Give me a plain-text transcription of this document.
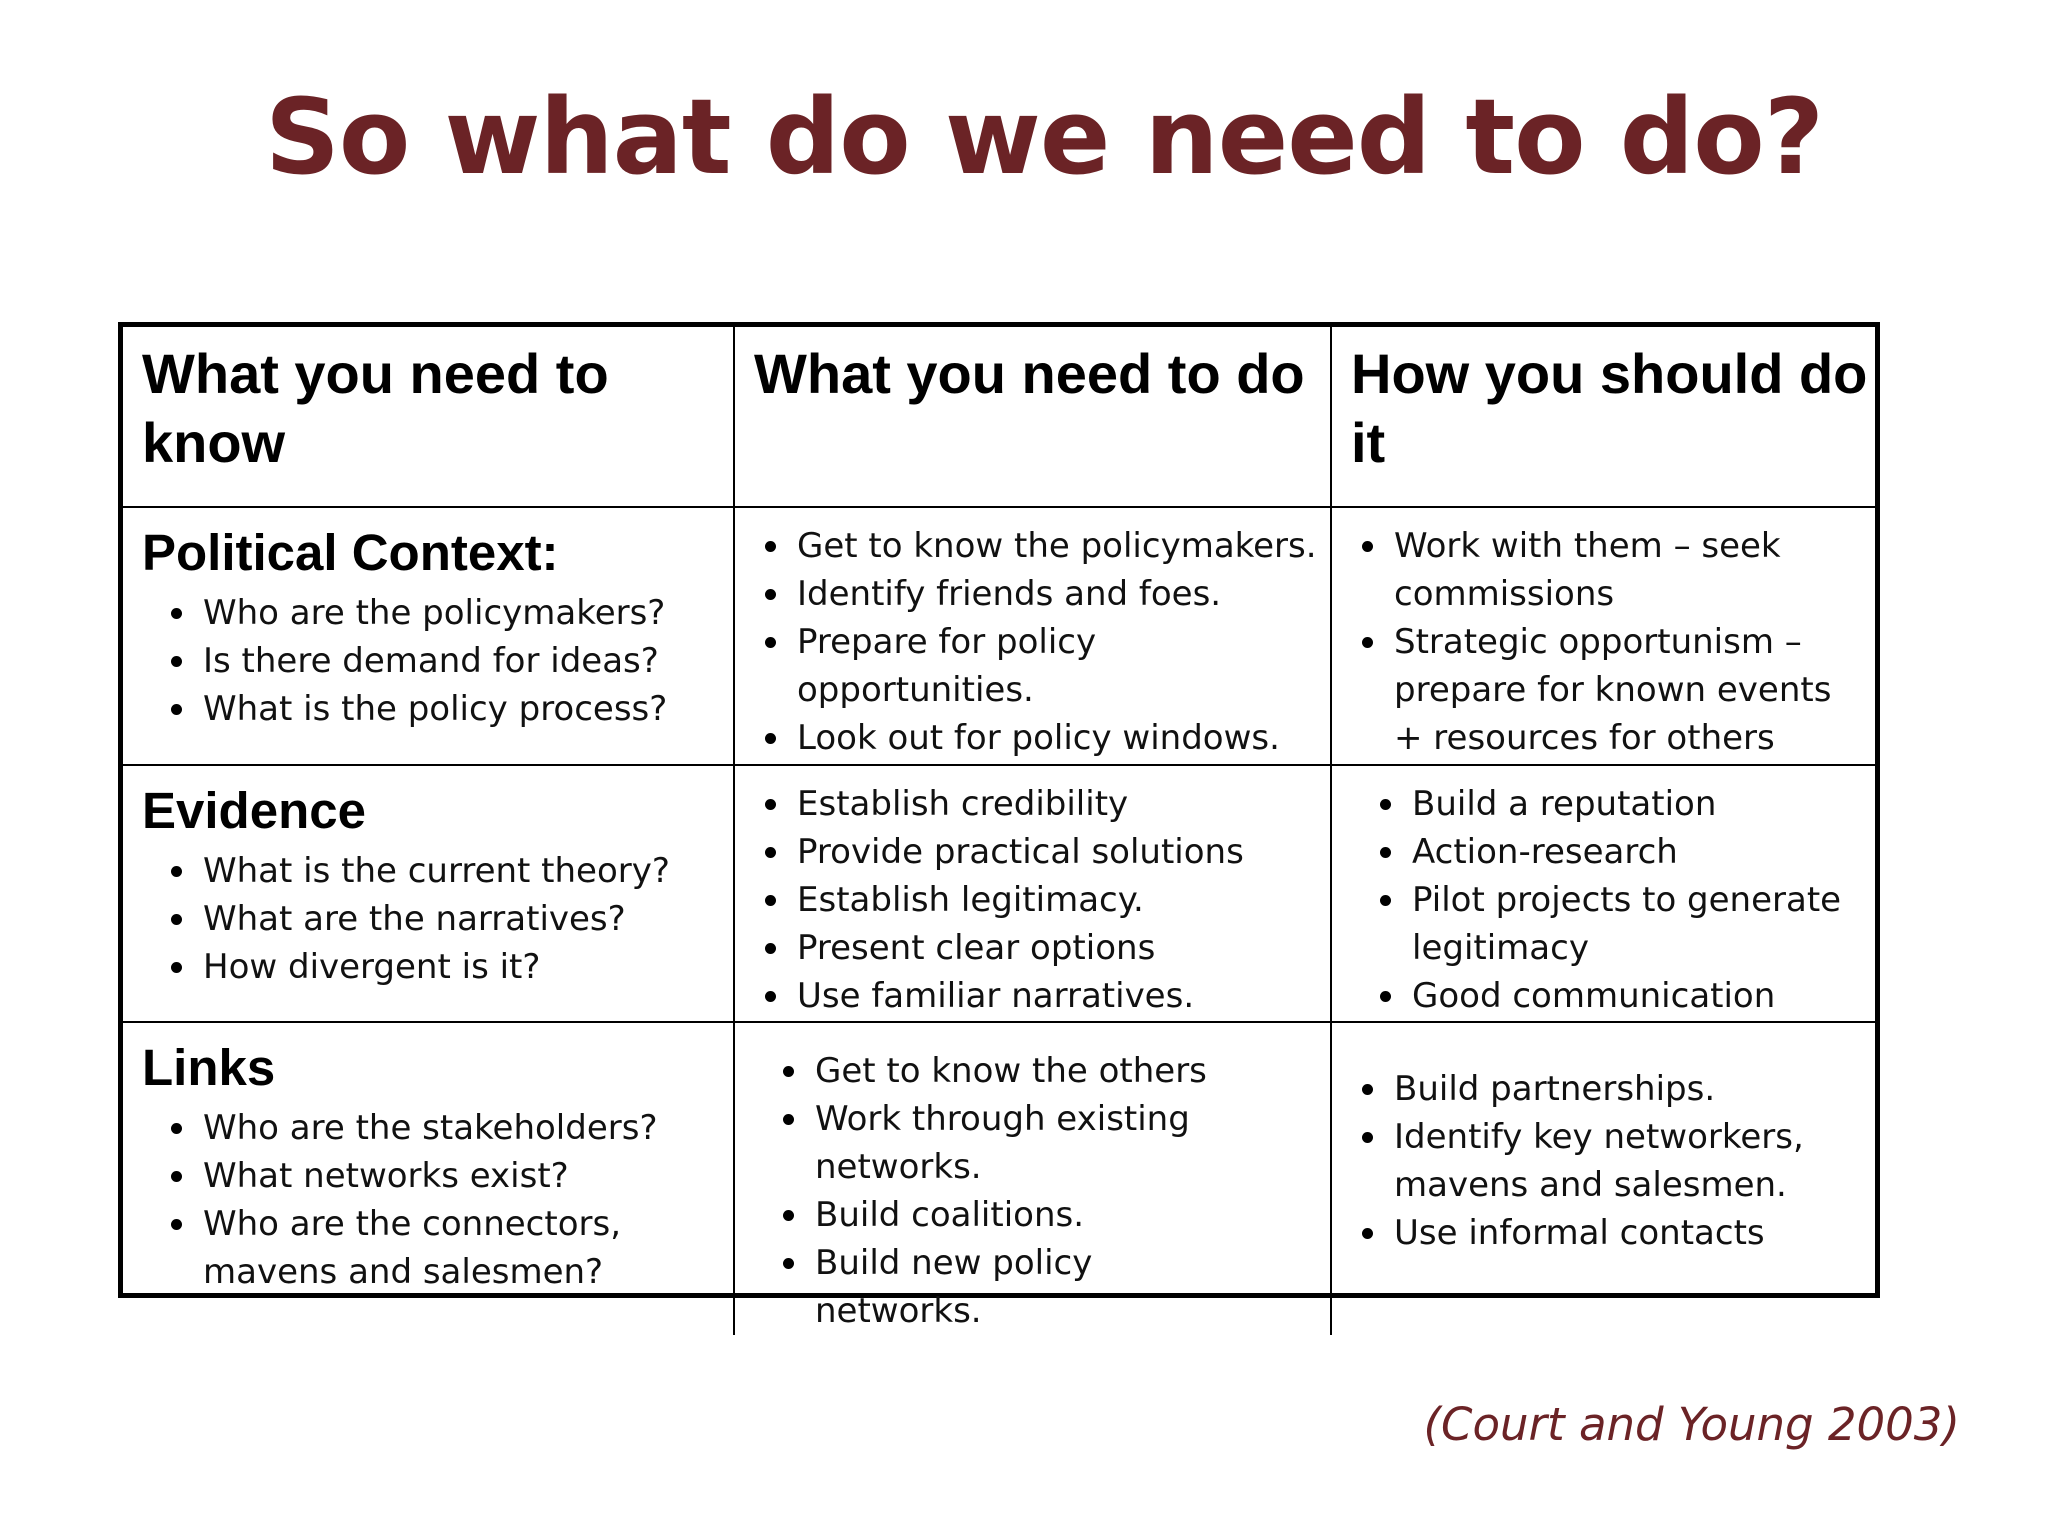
So what do we need to do?
What you need to know
What you need to do How you should do it
Political Context:
Who are the policymakers?
Is there demand for ideas?
What is the policy process?
Get to know the policymakers.
Identify friends and foes.
Prepare for policy opportunities.
Look out for policy windows.
Work with them – seek commissions
Strategic opportunism – prepare for known events + resources for others
Evidence
What is the current theory?
What are the narratives?
How divergent is it?
Establish credibility
Provide practical solutions
Establish legitimacy.
Present clear options
Use familiar narratives.
Build a reputation
Action-research
Pilot projects to generate legitimacy
Good communication
Links
Who are the stakeholders?
What networks exist?
Who are the connectors, mavens and salesmen?
Get to know the others
Work through existing networks.
Build coalitions.
Build new policy networks.
Build partnerships.
Identify key networkers, mavens and salesmen.
Use informal contacts
(Court and Young 2003)
